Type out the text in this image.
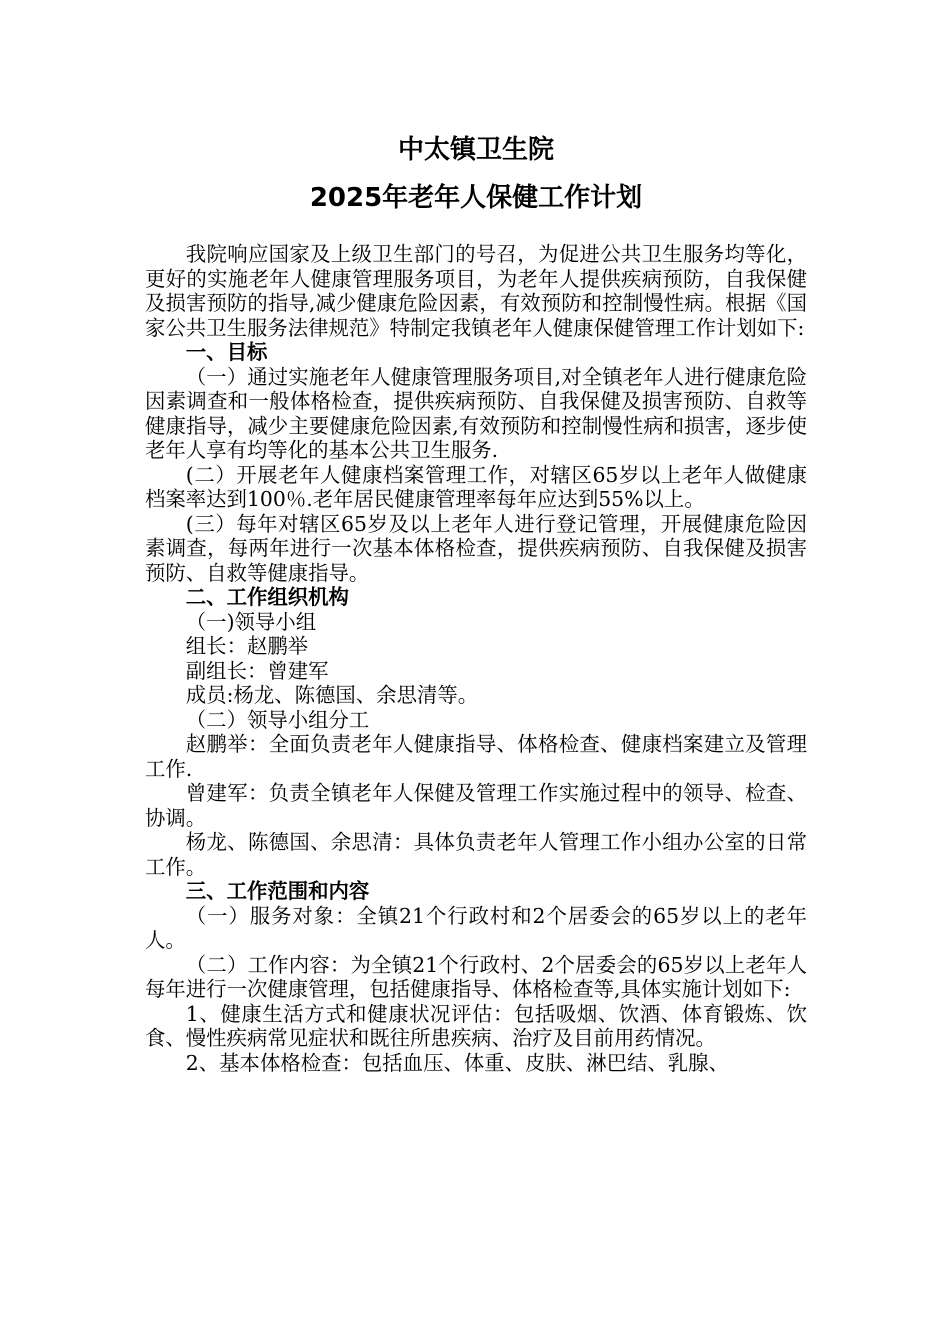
中太镇卫生院
2025年老年人保健工作计划

我院响应国家及上级卫生部门的号召，为促进公共卫生服务均等化，更好的实施老年人健康管理服务项目，为老年人提供疾病预防，自我保健及损害预防的指导,减少健康危险因素，有效预防和控制慢性病。根据《国家公共卫生服务法律规范》特制定我镇老年人健康保健管理工作计划如下:

一、目标

（一）通过实施老年人健康管理服务项目,对全镇老年人进行健康危险因素调查和一般体格检查，提供疾病预防、自我保健及损害预防、自救等健康指导，减少主要健康危险因素,有效预防和控制慢性病和损害，逐步使老年人享有均等化的基本公共卫生服务.

(二）开展老年人健康档案管理工作，对辖区65岁以上老年人做健康档案率达到100％.老年居民健康管理率每年应达到55%以上。

(三）每年对辖区65岁及以上老年人进行登记管理，开展健康危险因素调查，每两年进行一次基本体格检查，提供疾病预防、自我保健及损害预防、自救等健康指导。

二、工作组织机构

（一)领导小组

组长：赵鹏举

副组长：曾建军

成员:杨龙、陈德国、余思清等。

（二）领导小组分工

赵鹏举：全面负责老年人健康指导、体格检查、健康档案建立及管理工作.

曾建军：负责全镇老年人保健及管理工作实施过程中的领导、检查、协调。

杨龙、陈德国、余思清：具体负责老年人管理工作小组办公室的日常工作。

三、工作范围和内容

（一）服务对象：全镇21个行政村和2个居委会的65岁以上的老年人。

（二）工作内容：为全镇21个行政村、2个居委会的65岁以上老年人每年进行一次健康管理，包括健康指导、体格检查等,具体实施计划如下:

1、健康生活方式和健康状况评估：包括吸烟、饮酒、体育锻炼、饮食、慢性疾病常见症状和既往所患疾病、治疗及目前用药情况。

2、基本体格检查：包括血压、体重、皮肤、淋巴结、乳腺、
